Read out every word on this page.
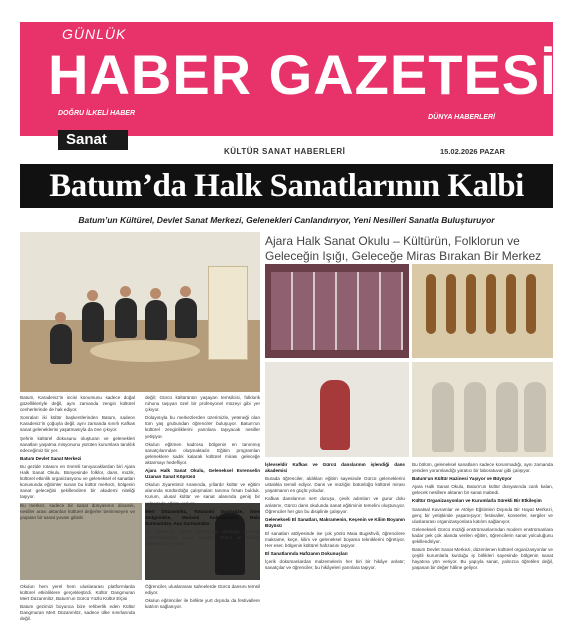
GÜNLÜK
HABER GAZETESİ
DOĞRU İLKELİ HABER
DÜNYA HABERLERİ
Sanat
KÜLTÜR SANAT HABERLERİ	15.02.2026 PAZAR
Batum’da Halk Sanatlarının Kalbi
Batum’un Kültürel, Devlet Sanat Merkezi, Gelenekleri Canlandırıyor, Yeni Nesilleri Sanatla Buluşturuyor
Ajara Halk Sanat Okulu – Kültürün, Folklorun ve Geleceğin Işığı, Geleceğe Miras Bırakan Bir Merkez

Batum, Karadeniz’in incisi konumunu sadece doğal güzellikleriyle değil, aynı zamanda zengin kültürel cevherlerinde de hak ediyor.

Sonraları iki kültür başkentlerinden Batum, sadece Karadeniz’in çoğuyla değil, aynı zamanda sınırlı Kafkas sanat geleneklerini yaşatmasıyla da öne çıkıyor.

Şehrin kültürel dokusunu oluşturan ve gelenekleri sanatları yaşatma misyonunu yürüten kurumlara tanıklık edeceğimiz bir yer.

Batum Devlet Sanat Merkezi

Bu gezide rotasını en önemli tanıyacaklardan biri Ajara Halk Sanat Okulu. Bünyesinde folklor, dans, müzik, kültürel etkinlik organizasyonu ve geleneksel el sanatları konusunda eğitimler sunan bu kültür merkezi, bölgenin sanat geleceğini şekillendiren bir akademi niteliği taşıyor.

Bu merkez, sadece bir sanat dünyasının dinamik, nesiller arası aktarılan kültürel değerler benimseyen ve yaşatan bir sanat yuvası gibidir.

değil; Gürcü kültürünün yaşayan temsilcisi, folklorik ruhunu taşıyan özel bir profesyonel müzeyi gibi yer çıkıyor.

Dolayısıyla bu merkezlerden üzerimizle, yeteneği olan tüm yaş grubundan öğrenciler buluşuyor. Batum’un kültürel zenginliklerini yarınlara taşıyacak nesiller yetişiyor.

Okulun eğitmen kadrosu bölgenin en tanınmış sanatçılarından oluşmaktadır. Eğitim programları geleneklere sadık kalarak kültürel mirası geleceğe aktarmayı hedefliyor.

Ajara Halk Sanat Okulu, Geleneksel Evrenselin Uzanan Sanat Köprüsü

Okulun ziyaretimiz sırasında, yıllardır kültür ve eğitim alanında sürdürdüğü çalışmaları tanıma fırsatı bulduk. Kurum, ulusal kültür ve sanat alanında geniş bir yelpazede eğitim veriyor.

Mert Düzanmlöz, Tutanami Davitadze, İrme Zedgimidze, Mariami Kakanjeridze, Mala Surmanidze, Ana Surmanidze

Bu öğrenciler, Gürcü kültürünün dünyaya tanıtılan yeteneklerinden kopan umutlar. Gürcü ve Kafkas Danslarının Heybeti

İşlevseldir Kafkas ve Gürcü danslarının işlendiği dans akademisi

Burada öğrenciler, aldıkları eğitim sayesinde Gürcü geleneklerini ustalıkla temsil ediyor. Dans ve müziğin bütünlüğü kültürel mirası yaşatmanın en güçlü yoludur.

Kafkas danslarının sert duruşu, çevik adımları ve gurur dolu anlatımı, Gürcü dans okulunda sanat eğitiminin temelini oluşturuyor. Öğrenciler her gün bu disiplinle çalışıyor.

Gelenekseli El Sanatları, Makramenin, Keçenin ve Kilim Boyanın Büyüsü

El sanatları atölyesinde ise çok yönlü Maia Bugishvili, öğrencilere makrame, keçe, kilim ve geleneksel boyama tekniklerini öğretiyor. Her eser, bölgenin kültürel hafızasını taşıyor.

El Sanatlarında Hafızanın Dokunuşları

İçerik dokümanlardan malzemelerin her biri bir hikâye anlatır; sanatçılar ve öğrenciler, bu hikâyeleri yarınlara taşıyor.

Bu bölüm, geleneksel sanatların sadece korunmadığı, aynı zamanda yeniden yorumlandığı yaratıcı bir laboratuvar gibi çalışıyor.

Batum’un Kültür Hazinesi Yaşıyor ve Büyüyor

Ajara Halk Sanat Okulu, Batum’un kültür dünyasında canlı kalan, gelecek nesillere aktaran bir sanat mabedi.

Kültür Organizasyonları ve Kurumlarla Sürekli Bir Etkileşim

Sanatsal Kavramlar ve Atölye Eğitimleri Dışında Bir Hayat Merkezi, genç bir yetişkinde yaşamışıyor; festivaller, konserler, sergiler ve uluslararası organizasyonlara katılım sağlanıyor.

Gelenekseli Gürcü müziği enstrümanlarından modern enstrümanlara kadar pek çok alanda verilen eğitim, öğrencilerin sanat yolculuğunu şekillendiriyor.

Batum Devlet Sanat Merkezi, düzenlenen kültürel organizasyonlar ve çeşitli kurumlarla kurduğu iş birlikleri sayesinde bölgenin sanat hayatına yön veriyor. Bu yapıyla sanat, yalnızca öğretilen değil, yaşanan bir değer hâline geliyor.

Okulun hem yerel hem uluslararası platformlarda kültürel etkinliklere gerçekleştirdi. Kültür Dangmuran Mert Düzanmlöz, Batum’un Gürcü Yüzlü Kültür Elçisi

Batum gezimizi boyunca bize rehberlik eden Kültür Dangmuran Mert Düzanmlöz, sadece ülke sınırlarında değil.

Öğrenciler, uluslararası sahnelerde Gürcü dansını temsil ediyor.

Okulun eğitimciler ile birlikte yurt dışında da festivallere katılım sağlanıyor.
